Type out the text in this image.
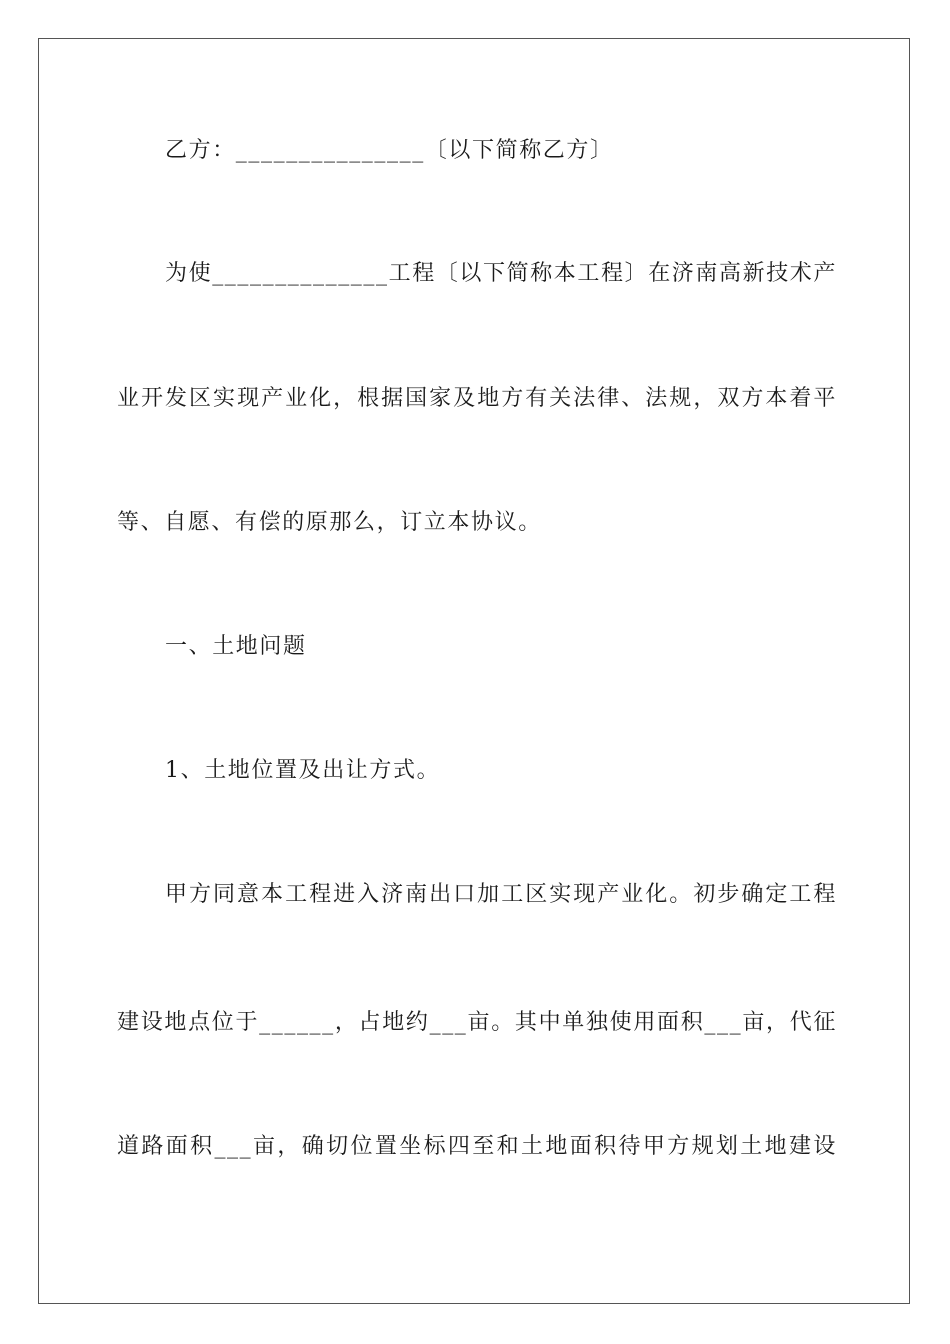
乙方：_______________〔以下简称乙方〕
为使______________工程〔以下简称本工程〕在济南高新技术产
业开发区实现产业化，根据国家及地方有关法律、法规，双方本着平
等、自愿、有偿的原那么，订立本协议。
一、土地问题
1、土地位置及出让方式。
甲方同意本工程进入济南出口加工区实现产业化。初步确定工程
建设地点位于______，占地约___亩。其中单独使用面积___亩，代征
道路面积___亩，确切位置坐标四至和土地面积待甲方规划土地建设
